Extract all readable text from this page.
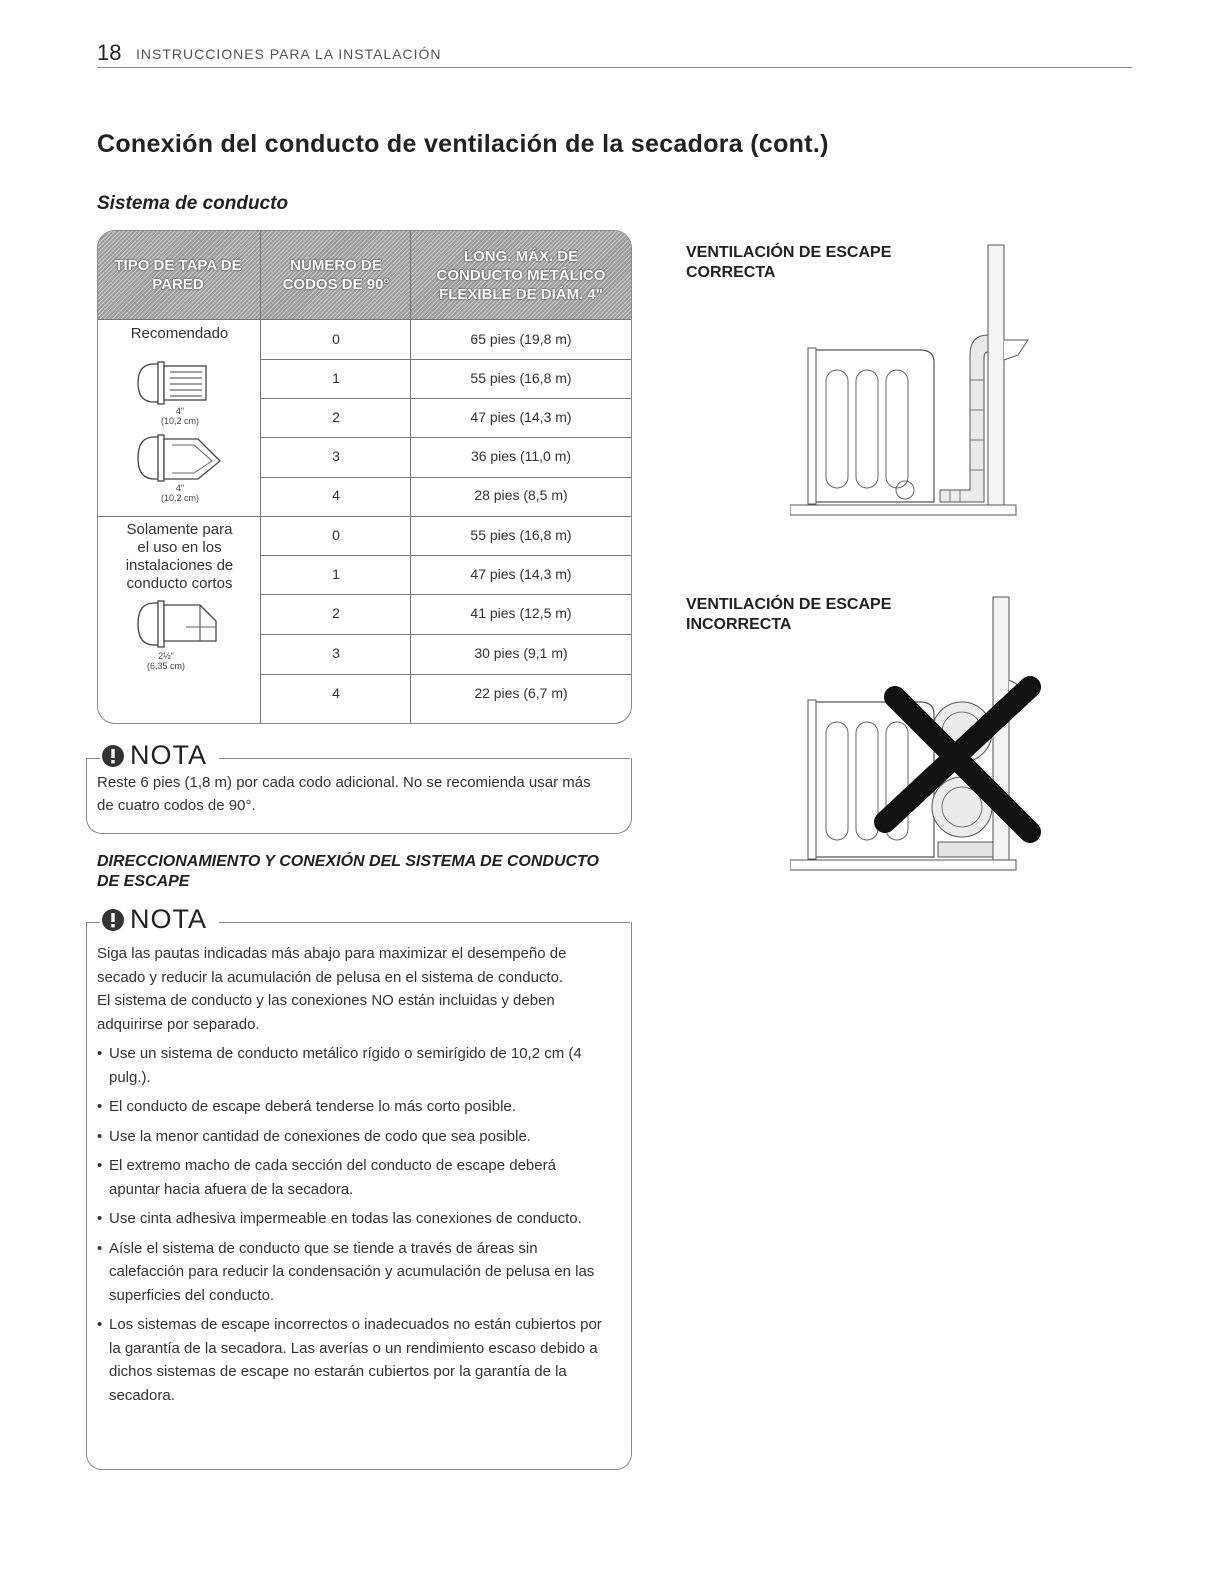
18 INSTRUCCIONES PARA LA INSTALACIÓN
Conexión del conducto de ventilación de la secadora (cont.)
Sistema de conducto
TIPO DE TAPA DE PARED
NÚMERO DE CODOS DE 90°
LONG. MÁX. DE CONDUCTO METÁLICO FLEXIBLE DE DIÁM. 4"
Recomendado
4"
(10,2 cm)
4"
(10,2 cm)
0	65 pies (19,8 m)
1	55 pies (16,8 m)
2	47 pies (14,3 m)
3	36 pies (11,0 m)
4	28 pies (8,5 m)
Solamente para el uso en los instalaciones de conducto cortos
2½"
(6,35 cm)
0	55 pies (16,8 m)
1	47 pies (14,3 m)
2	41 pies (12,5 m)
3	30 pies (9,1 m)
4	22 pies (6,7 m)
NOTA
Reste 6 pies (1,8 m) por cada codo adicional. No se recomienda usar más de cuatro codos de 90°.
DIRECCIONAMIENTO Y CONEXIÓN DEL SISTEMA DE CONDUCTO DE ESCAPE
NOTA
Siga las pautas indicadas más abajo para maximizar el desempeño de secado y reducir la acumulación de pelusa en el sistema de conducto.
El sistema de conducto y las conexiones NO están incluidas y deben adquirirse por separado.
• Use un sistema de conducto metálico rígido o semirígido de 10,2 cm (4 pulg.).
• El conducto de escape deberá tenderse lo más corto posible.
• Use la menor cantidad de conexiones de codo que sea posible.
• El extremo macho de cada sección del conducto de escape deberá apuntar hacia afuera de la secadora.
• Use cinta adhesiva impermeable en todas las conexiones de conducto.
• Aísle el sistema de conducto que se tiende a través de áreas sin calefacción para reducir la condensación y acumulación de pelusa en las superficies del conducto.
• Los sistemas de escape incorrectos o inadecuados no están cubiertos por la garantía de la secadora. Las averías o un rendimiento escaso debido a dichos sistemas de escape no estarán cubiertos por la garantía de la secadora.
VENTILACIÓN DE ESCAPE
CORRECTA
VENTILACIÓN DE ESCAPE
INCORRECTA
